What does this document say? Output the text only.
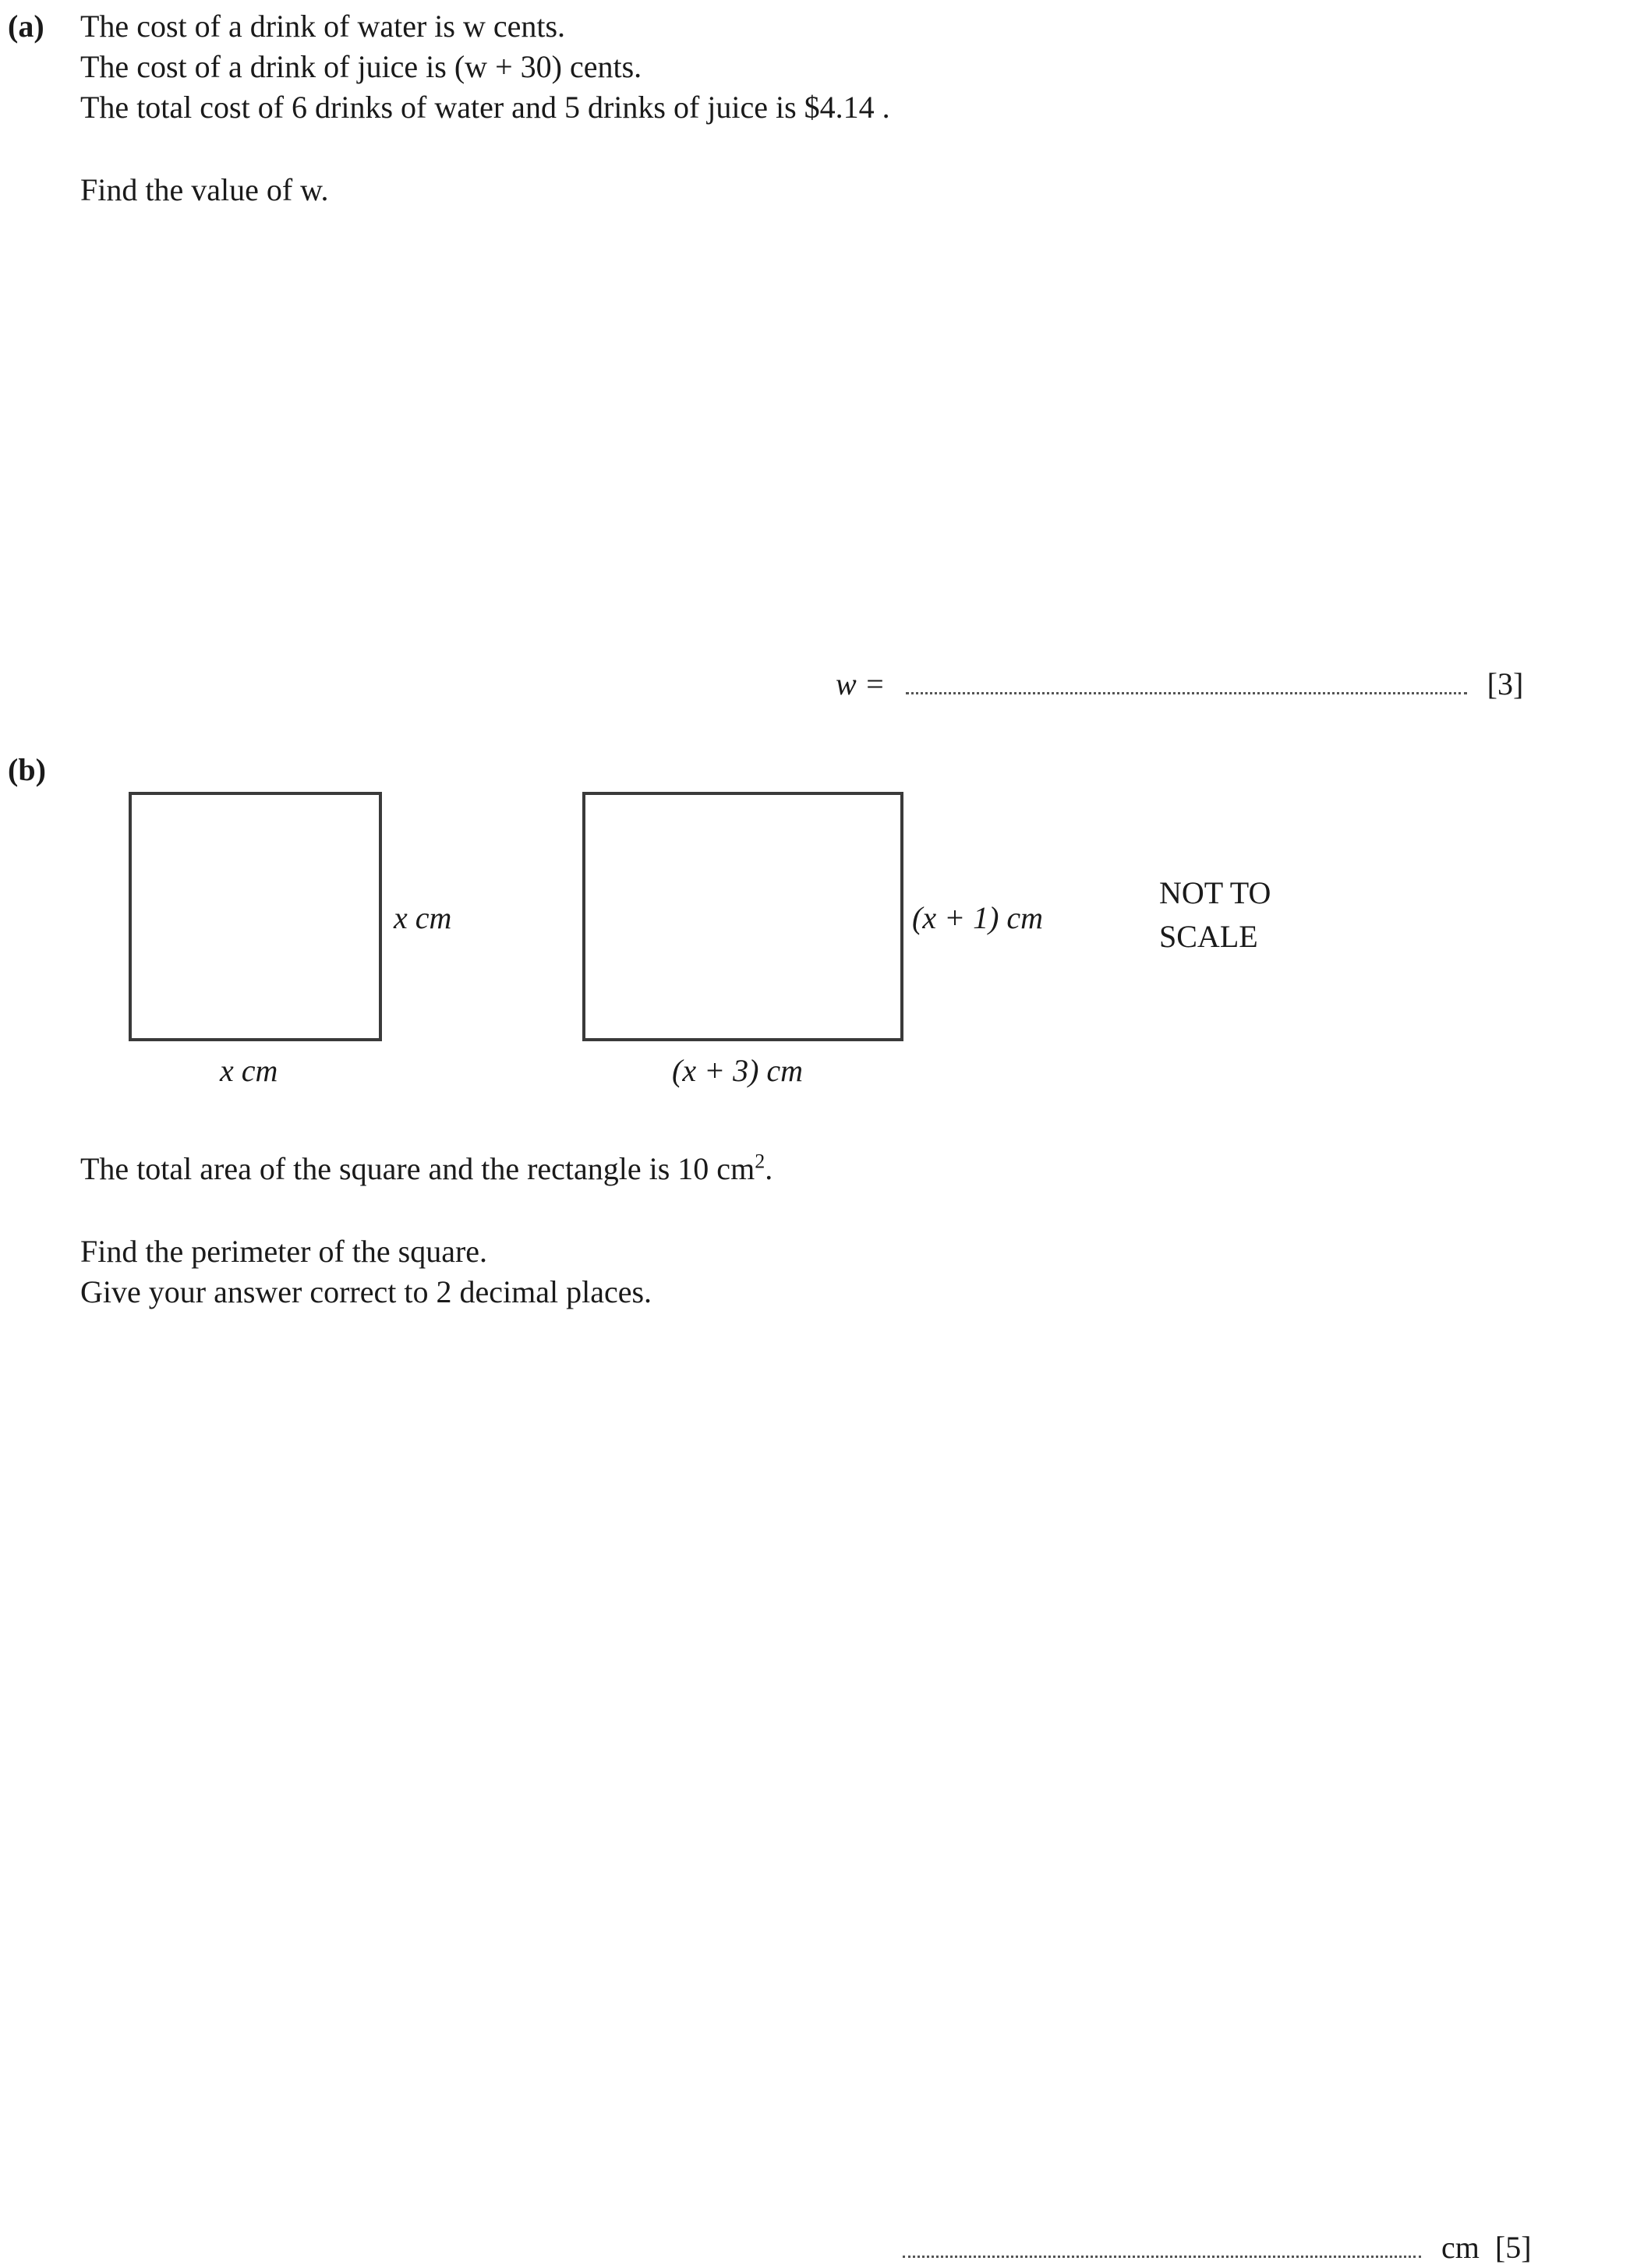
(a) The cost of a drink of water is w cents.
The cost of a drink of juice is (w + 30) cents.
The total cost of 6 drinks of water and 5 drinks of juice is $4.14 .
Find the value of w.
w =	[3]
(b)
x cm
x cm
(x + 1) cm
(x + 3) cm
NOT TO
SCALE
The total area of the square and the rectangle is 10 $cm^2$.
Find the perimeter of the square.
Give your answer correct to 2 decimal places.
cm [5]
